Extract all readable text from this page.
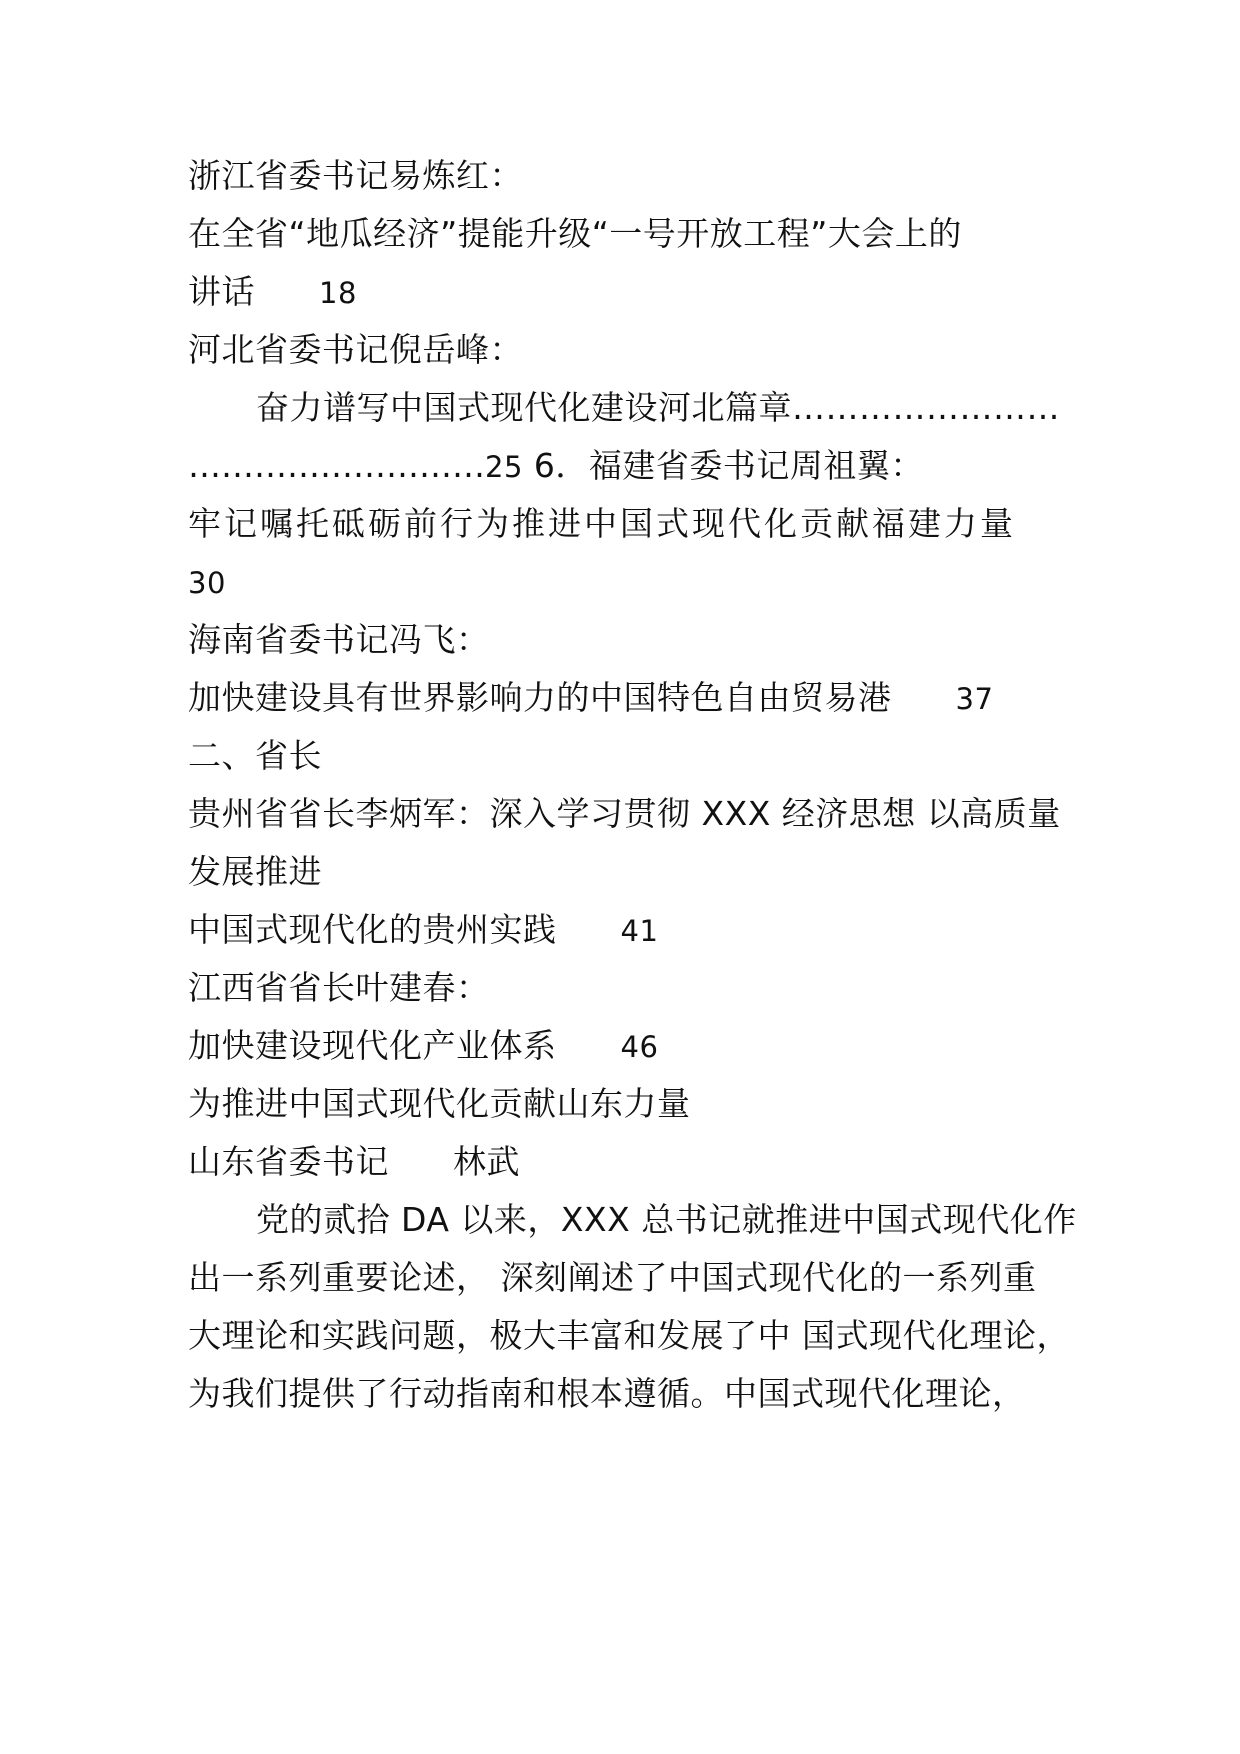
浙江省委书记易炼红：
在全省“地瓜经济”提能升级“一号开放工程”大会上的
讲话 18
河北省委书记倪岳峰：
奋力谱写中国式现代化建设河北篇章……………………
………………………25 6．福建省委书记周祖翼：
牢记嘱托砥砺前行为推进中国式现代化贡献福建力量
30
海南省委书记冯飞：
加快建设具有世界影响力的中国特色自由贸易港 37
二、省长
贵州省省长李炳军：深入学习贯彻 XXX 经济思想 以高质量
发展推进
中国式现代化的贵州实践 41
江西省省长叶建春：
加快建设现代化产业体系 46
为推进中国式现代化贡献山东力量
山东省委书记 林武
党的贰拾 DA 以来，XXX 总书记就推进中国式现代化作
出一系列重要论述， 深刻阐述了中国式现代化的一系列重
大理论和实践问题，极大丰富和发展了中 国式现代化理论，
为我们提供了行动指南和根本遵循。中国式现代化理论，
